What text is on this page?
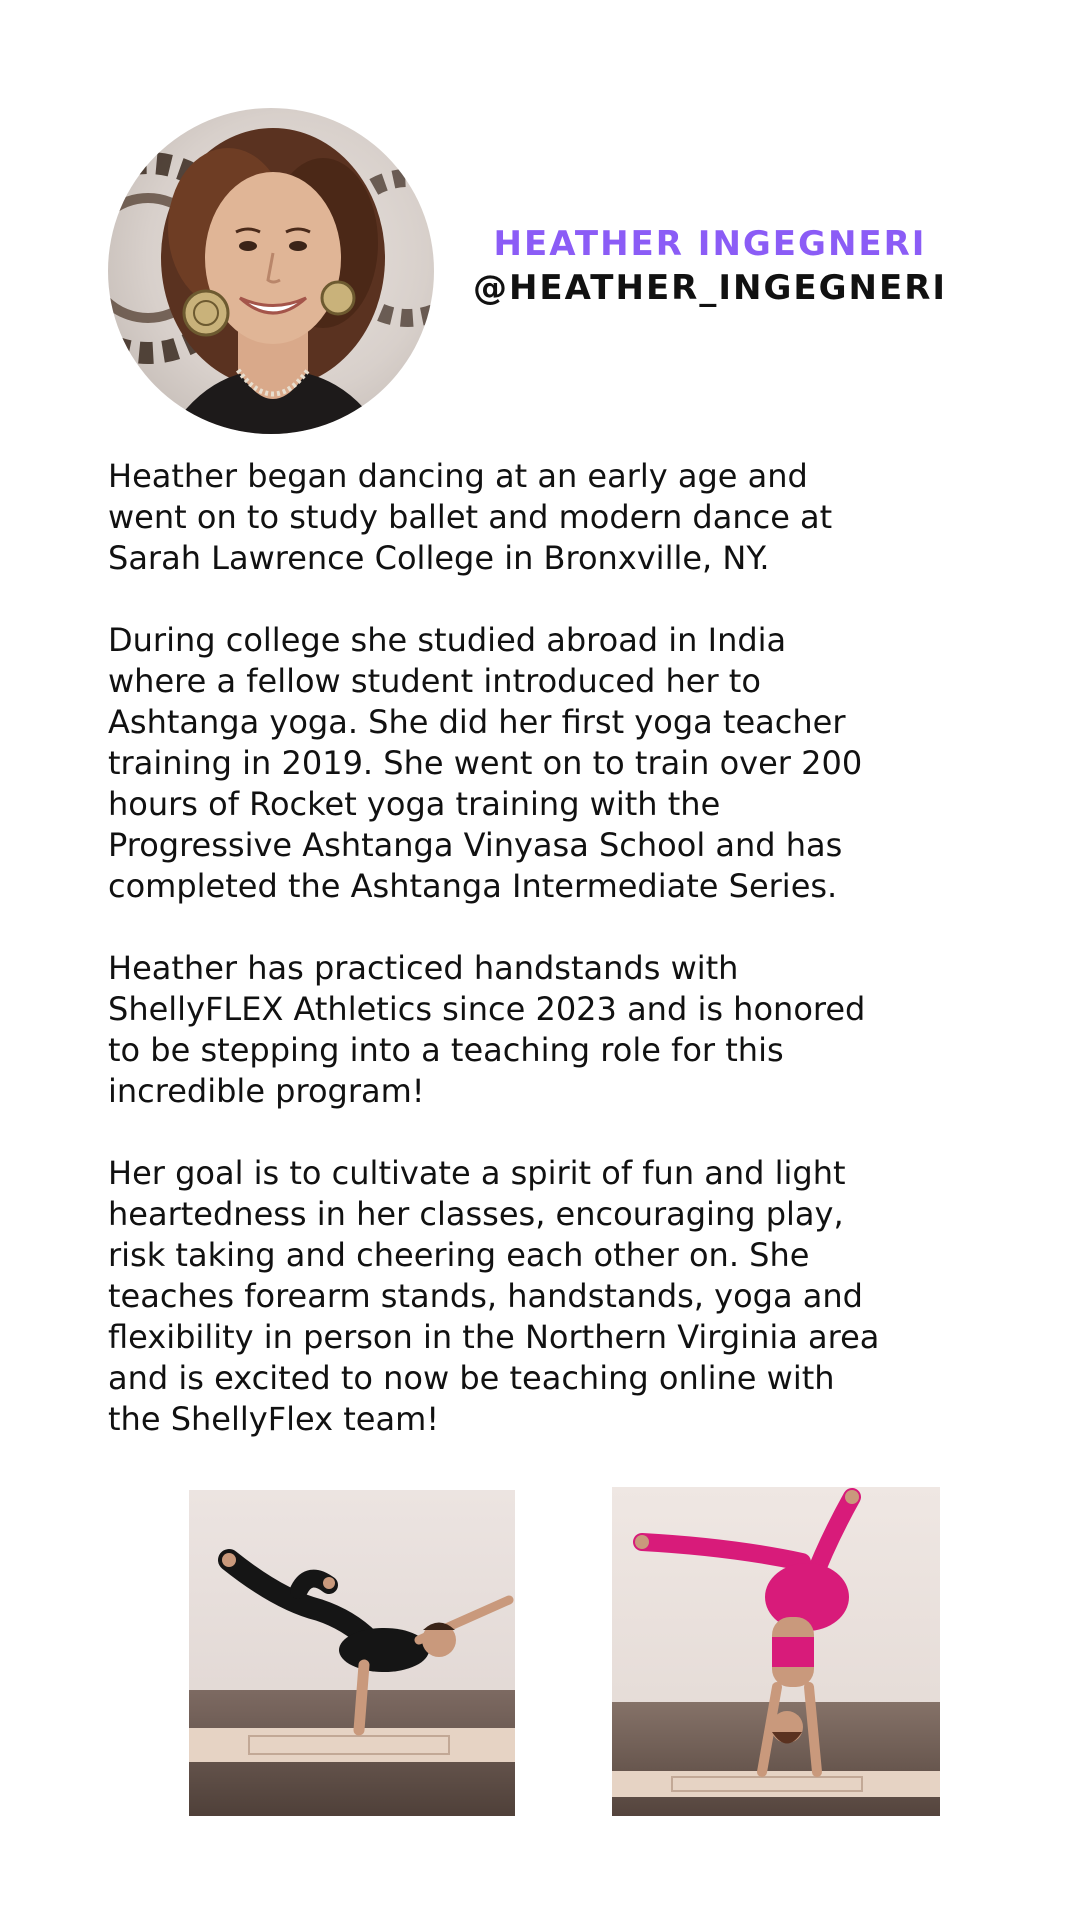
HEATHER INGEGNERI
@HEATHER_INGEGNERI

Heather began dancing at an early age and
went on to study ballet and modern dance at
Sarah Lawrence College in Bronxville, NY.

During college she studied abroad in India
where a fellow student introduced her to
Ashtanga yoga. She did her first yoga teacher
training in 2019. She went on to train over 200
hours of Rocket yoga training with the
Progressive Ashtanga Vinyasa School and has
completed the Ashtanga Intermediate Series.

Heather has practiced handstands with
ShellyFLEX Athletics since 2023 and is honored
to be stepping into a teaching role for this
incredible program!

Her goal is to cultivate a spirit of fun and light
heartedness in her classes, encouraging play,
risk taking and cheering each other on. She
teaches forearm stands, handstands, yoga and
flexibility in person in the Northern Virginia area
and is excited to now be teaching online with
the ShellyFlex team!
